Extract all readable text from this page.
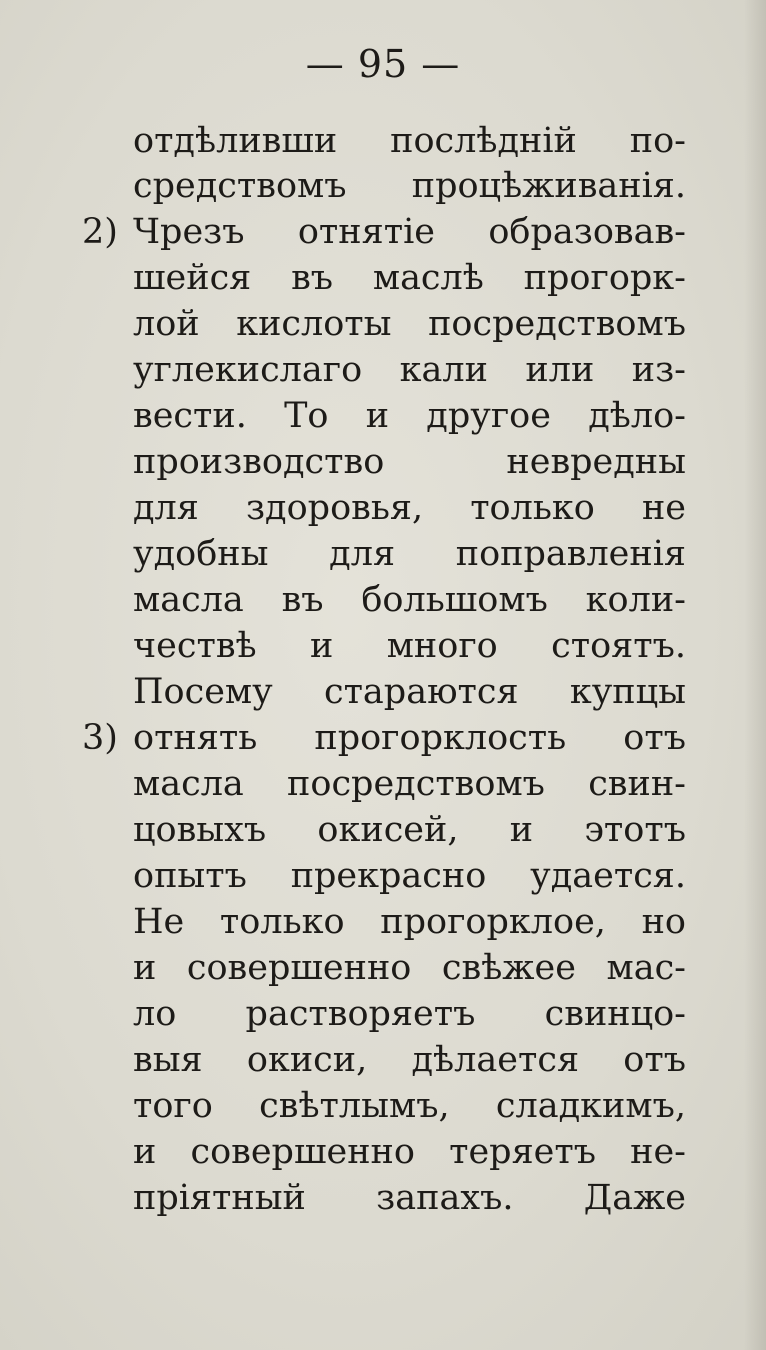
— 95 —
2)
3)
отдѣливши послѣдній по-
средствомъ процѣживанія.
Чрезъ отнятіе образовав-
шейся въ маслѣ прогорк-
лой кислоты посредствомъ
углекислаго кали или из-
вести. То и другое дѣло-
производство невредны
для здоровья, только не
удобны для поправленія
масла въ большомъ коли-
чествѣ и много стоятъ.
Посему стараются купцы
отнять прогорклость отъ
масла посредствомъ свин-
цовыхъ окисей, и этотъ
опытъ прекрасно удается.
Не только прогорклое, но
и совершенно свѣжее мас-
ло растворяетъ свинцо-
выя окиси, дѣлается отъ
того свѣтлымъ, сладкимъ,
и совершенно теряетъ не-
пріятный запахъ. Даже
